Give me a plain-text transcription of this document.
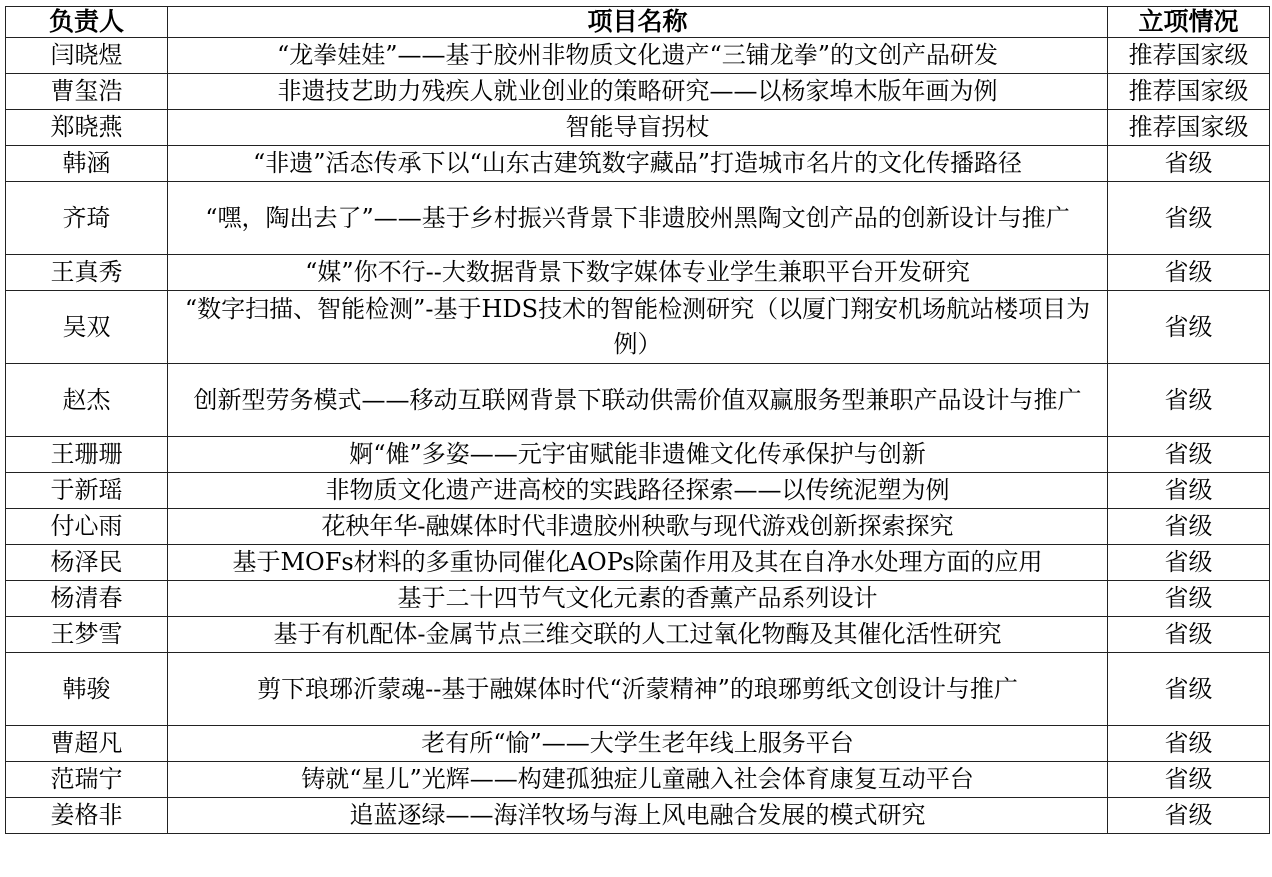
负责人	项目名称	立项情况
闫晓煜	“龙拳娃娃”——基于胶州非物质文化遗产“三铺龙拳”的文创产品研发	推荐国家级
曹玺浩	非遗技艺助力残疾人就业创业的策略研究——以杨家埠木版年画为例	推荐国家级
郑晓燕	智能导盲拐杖	推荐国家级
韩涵	“非遗”活态传承下以“山东古建筑数字藏品”打造城市名片的文化传播路径	省级
齐琦	“嘿，陶出去了”——基于乡村振兴背景下非遗胶州黑陶文创产品的创新设计与推广	省级
王真秀	“媒”你不行--大数据背景下数字媒体专业学生兼职平台开发研究	省级
吴双	“数字扫描、智能检测”-基于HDS技术的智能检测研究（以厦门翔安机场航站楼项目为例）	省级
赵杰	创新型劳务模式——移动互联网背景下联动供需价值双赢服务型兼职产品设计与推广	省级
王珊珊	婀“傩”多姿——元宇宙赋能非遗傩文化传承保护与创新	省级
于新瑶	非物质文化遗产进高校的实践路径探索——以传统泥塑为例	省级
付心雨	花秧年华-融媒体时代非遗胶州秧歌与现代游戏创新探索探究	省级
杨泽民	基于MOFs材料的多重协同催化AOPs除菌作用及其在自净水处理方面的应用	省级
杨清春	基于二十四节气文化元素的香薰产品系列设计	省级
王梦雪	基于有机配体-金属节点三维交联的人工过氧化物酶及其催化活性研究	省级
韩骏	剪下琅琊沂蒙魂--基于融媒体时代“沂蒙精神”的琅琊剪纸文创设计与推广	省级
曹超凡	老有所“愉”——大学生老年线上服务平台	省级
范瑞宁	铸就“星儿”光辉——构建孤独症儿童融入社会体育康复互动平台	省级
姜格非	追蓝逐绿——海洋牧场与海上风电融合发展的模式研究	省级
